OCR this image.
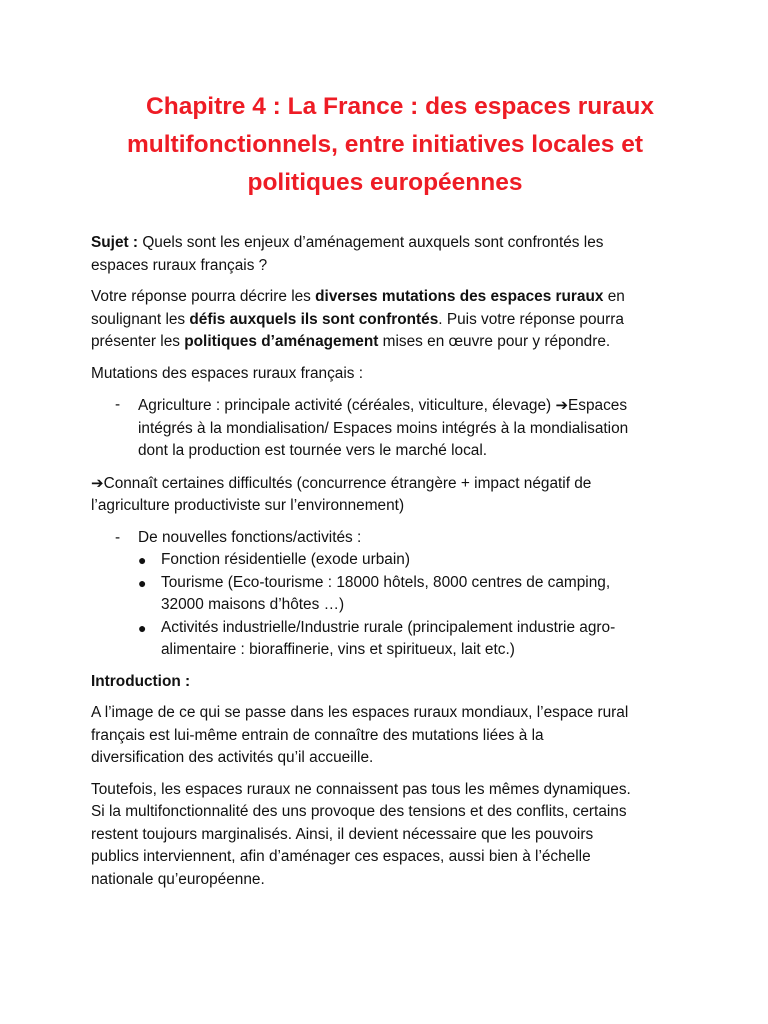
Chapitre 4 : La France : des espaces ruraux
multifonctionnels, entre initiatives locales et
politiques européennes

Sujet : Quels sont les enjeux d’aménagement auxquels sont confrontés les
espaces ruraux français ?

Votre réponse pourra décrire les diverses mutations des espaces ruraux en
soulignant les défis auxquels ils sont confrontés. Puis votre réponse pourra
présenter les politiques d’aménagement mises en œuvre pour y répondre.

Mutations des espaces ruraux français :

- Agriculture : principale activité (céréales, viticulture, élevage) ➔Espaces
intégrés à la mondialisation/ Espaces moins intégrés à la mondialisation
dont la production est tournée vers le marché local.

➔Connaît certaines difficultés (concurrence étrangère + impact négatif de
l’agriculture productiviste sur l’environnement)

- De nouvelles fonctions/activités :
● Fonction résidentielle (exode urbain)
● Tourisme (Eco-tourisme : 18000 hôtels, 8000 centres de camping,
32000 maisons d’hôtes …)
● Activités industrielle/Industrie rurale (principalement industrie agro-
alimentaire : bioraffinerie, vins et spiritueux, lait etc.)

Introduction :

A l’image de ce qui se passe dans les espaces ruraux mondiaux, l’espace rural
français est lui-même entrain de connaître des mutations liées à la
diversification des activités qu’il accueille.

Toutefois, les espaces ruraux ne connaissent pas tous les mêmes dynamiques.
Si la multifonctionnalité des uns provoque des tensions et des conflits, certains
restent toujours marginalisés. Ainsi, il devient nécessaire que les pouvoirs
publics interviennent, afin d’aménager ces espaces, aussi bien à l’échelle
nationale qu’européenne.
